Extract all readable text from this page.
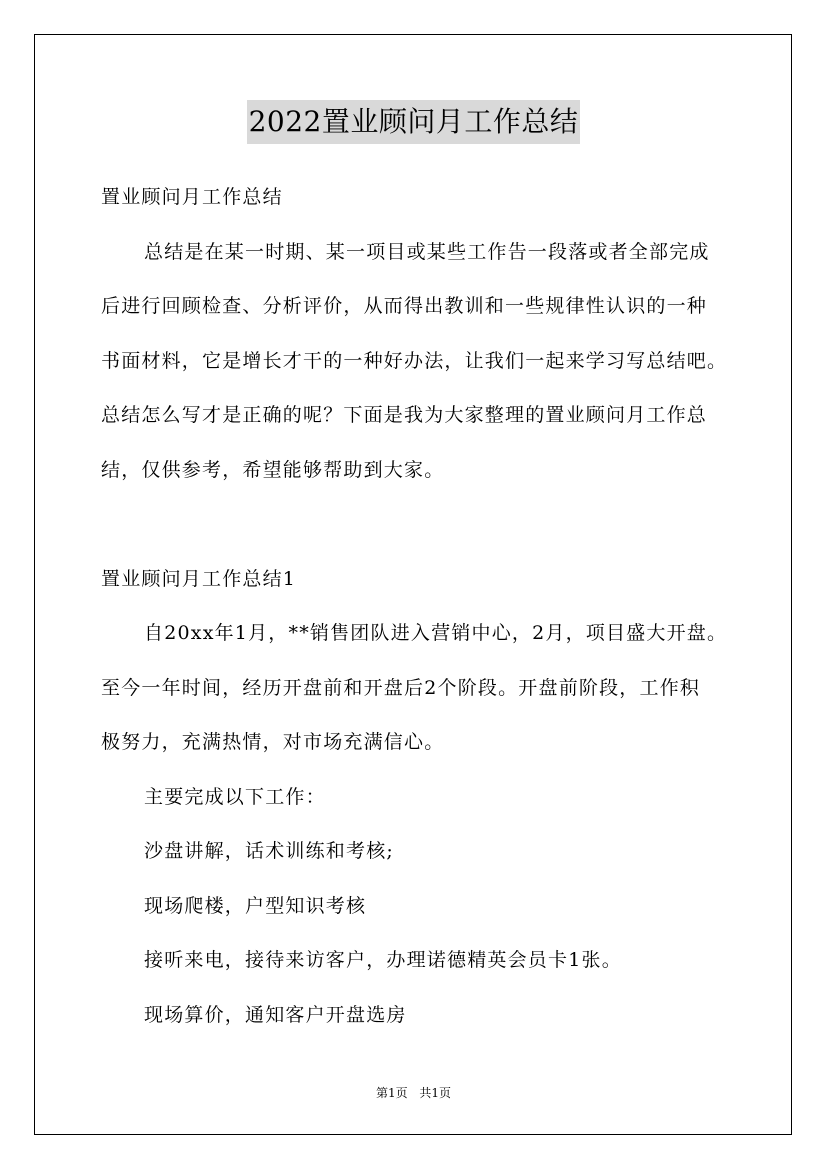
2022置业顾问月工作总结
置业顾问月工作总结
总结是在某一时期、某一项目或某些工作告一段落或者全部完成
后进行回顾检查、分析评价，从而得出教训和一些规律性认识的一种
书面材料，它是增长才干的一种好办法，让我们一起来学习写总结吧。
总结怎么写才是正确的呢？下面是我为大家整理的置业顾问月工作总
结，仅供参考，希望能够帮助到大家。
置业顾问月工作总结1
自20xx年1月，**销售团队进入营销中心，2月，项目盛大开盘。
至今一年时间，经历开盘前和开盘后2个阶段。开盘前阶段，工作积
极努力，充满热情，对市场充满信心。
主要完成以下工作：
沙盘讲解，话术训练和考核;
现场爬楼，户型知识考核
接听来电，接待来访客户，办理诺德精英会员卡1张。
现场算价，通知客户开盘选房
第1页 共1页
